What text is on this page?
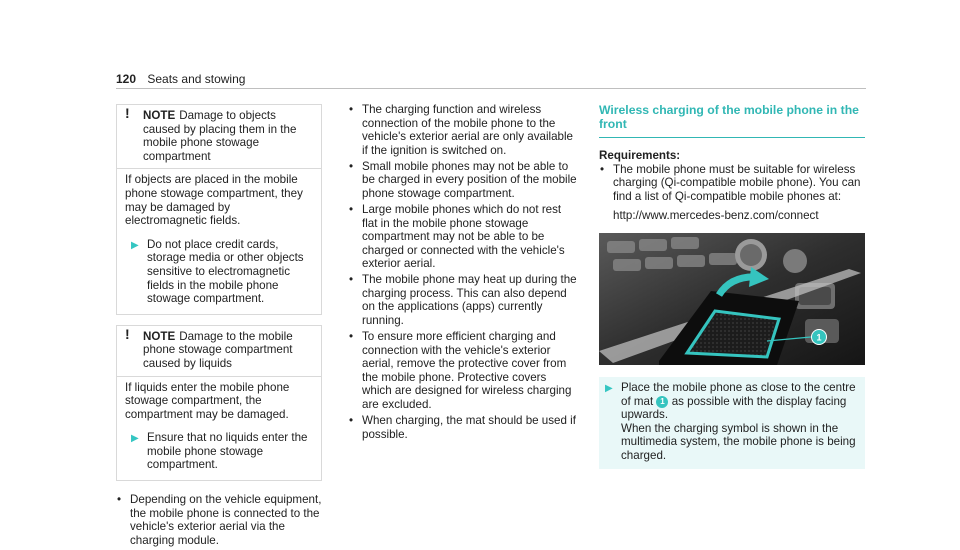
120 Seats and stowing
! NOTE Damage to objects caused by placing them in the mobile phone stowage compartment

If objects are placed in the mobile phone stowage compartment, they may be damaged by electromagnetic fields.

▶ Do not place credit cards, storage media or other objects sensitive to electromagnetic fields in the mobile phone stowage compartment.
! NOTE Damage to the mobile phone stowage compartment caused by liquids

If liquids enter the mobile phone stowage compartment, the compartment may be damaged.

▶ Ensure that no liquids enter the mobile phone stowage compartment.
• Depending on the vehicle equipment, the mobile phone is connected to the vehicle's exterior aerial via the charging module.
• The charging function and wireless connection of the mobile phone to the vehicle's exterior aerial are only available if the ignition is switched on.
• Small mobile phones may not be able to be charged in every position of the mobile phone stowage compartment.
• Large mobile phones which do not rest flat in the mobile phone stowage compartment may not be able to be charged or connected with the vehicle's exterior aerial.
• The mobile phone may heat up during the charging process. This can also depend on the applications (apps) currently running.
• To ensure more efficient charging and connection with the vehicle's exterior aerial, remove the protective cover from the mobile phone. Protective covers which are designed for wireless charging are excluded.
• When charging, the mat should be used if possible.
Wireless charging of the mobile phone in the front
Requirements:
• The mobile phone must be suitable for wireless charging (Qi-compatible mobile phone). You can find a list of Qi-compatible mobile phones at:
http://www.mercedes-benz.com/connect
1
▶ Place the mobile phone as close to the centre of mat 1 as possible with the display facing upwards.
When the charging symbol is shown in the multimedia system, the mobile phone is being charged.
